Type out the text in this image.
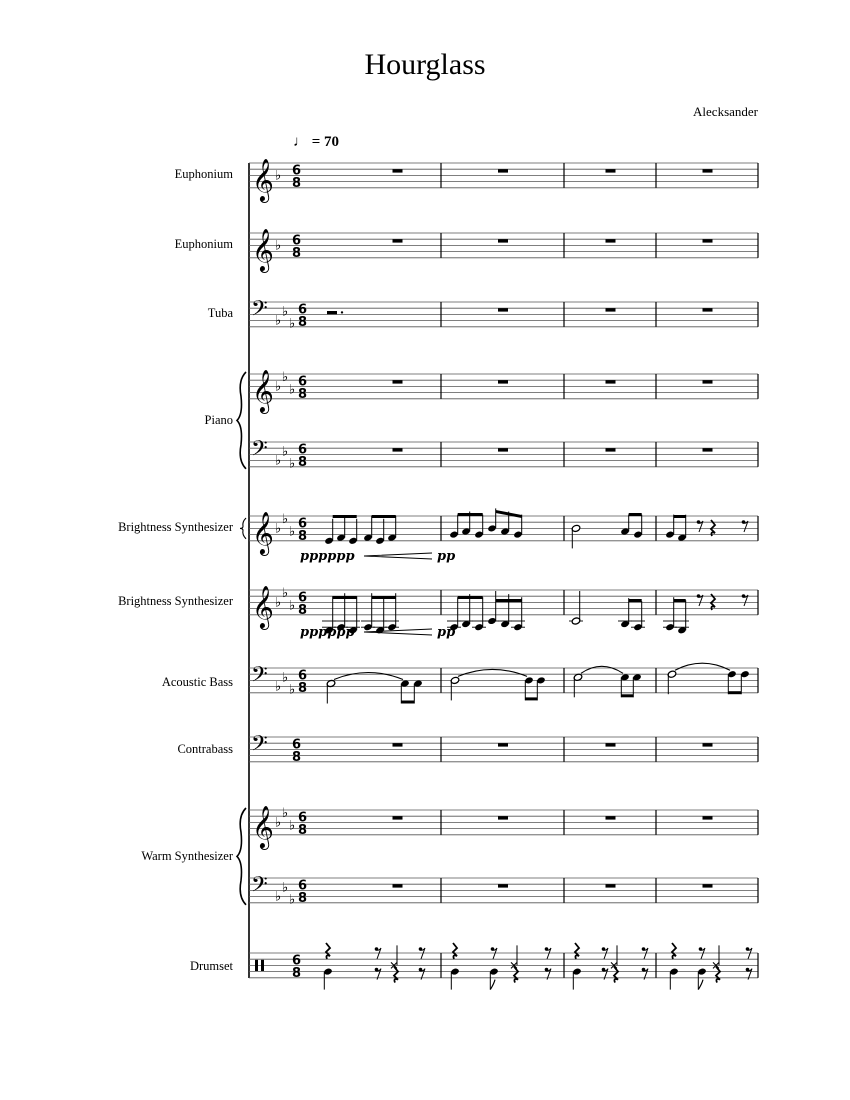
Hourglass
Alecksander
♩ = 70
Euphonium
Euphonium
Tuba
Piano
Brightness Synthesizer
Brightness Synthesizer
Acoustic Bass
Contrabass
Warm Synthesizer
Drumset
𝄞 ♭ 6
8
𝄞 ♭ 6
8
𝄢 ♭
♭
♭
6
8
𝄞 ♭
♭
♭
6
8
𝄢 ♭
♭
♭
6
8
𝄞 ♭
♭
♭
6
8
𝄞 ♭
♭
♭
6
8
𝄢 ♭
♭
♭
6
8
𝄢 6
8
𝄞 ♭
♭
♭
6
8
𝄢 ♭
♭
♭
6
8
6
8
pppppp	pp
pppppp	pp
